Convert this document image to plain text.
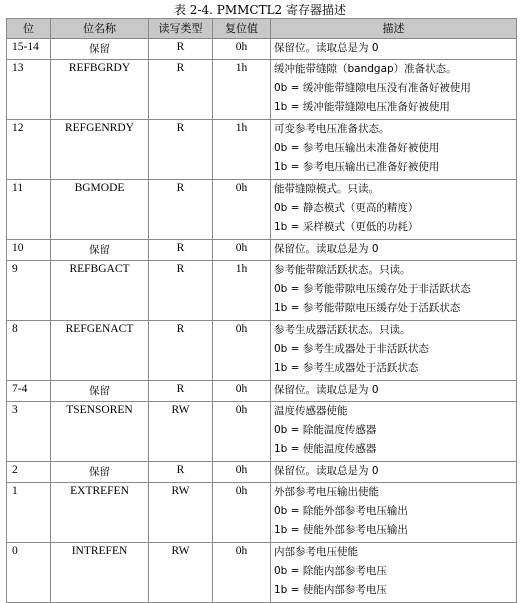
表 2-4. PMMCTL2 寄存器描述
位	位名称	读写类型	复位值	描述
15-14	保留	R	0h	保留位。读取总是为 0

13	REFBGRDY	R	1h	缓冲能带缝隙（bandgap）准备状态。
0b = 缓冲能带缝隙电压没有准备好被使用
1b = 缓冲能带缝隙电压准备好被使用

12	REFGENRDY	R	1h	可变参考电压准备状态。
0b = 参考电压输出未准备好被使用
1b = 参考电压输出已准备好被使用

11	BGMODE	R	0h	能带缝隙模式。只读。
0b = 静态模式（更高的精度）
1b = 采样模式（更低的功耗）

10	保留	R	0h	保留位。读取总是为 0

9	REFBGACT	R	1h	参考能带隙活跃状态。只读。
0b = 参考能带隙电压缓存处于非活跃状态
1b = 参考能带隙电压缓存处于活跃状态

8	REFGENACT	R	0h	参考生成器活跃状态。只读。
0b = 参考生成器处于非活跃状态
1b = 参考生成器处于活跃状态

7-4	保留	R	0h	保留位。读取总是为 0

3	TSENSOREN	RW	0h	温度传感器使能
0b = 除能温度传感器
1b = 使能温度传感器

2	保留	R	0h	保留位。读取总是为 0

1	EXTREFEN	RW	0h	外部参考电压输出使能
0b = 除能外部参考电压输出
1b = 使能外部参考电压输出

0	INTREFEN	RW	0h	内部参考电压使能
0b = 除能内部参考电压
1b = 使能内部参考电压
